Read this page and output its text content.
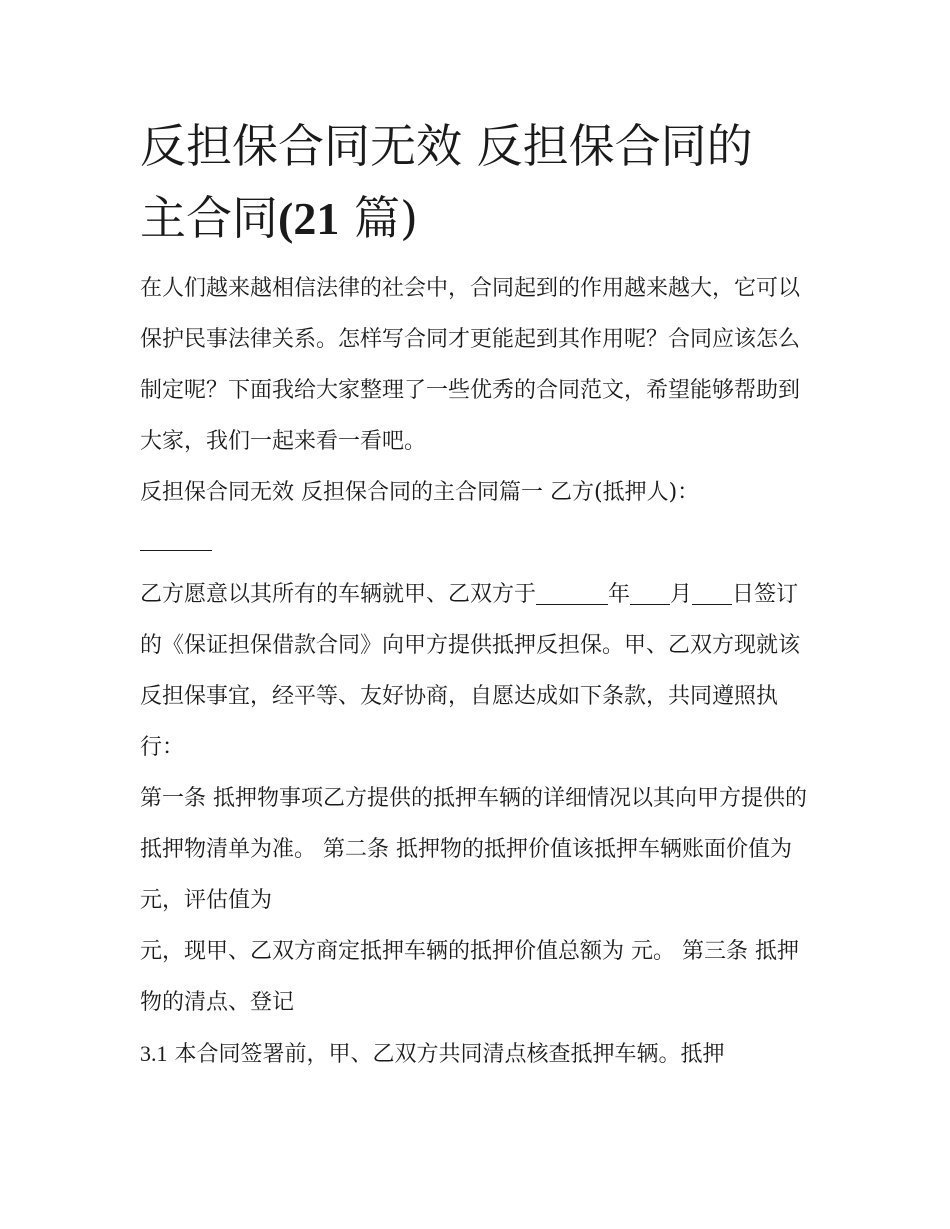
反担保合同无效 反担保合同的
主合同(21 篇)

在人们越来越相信法律的社会中，合同起到的作用越来越大，它可以保护民事法律关系。怎样写合同才更能起到其作用呢？合同应该怎么制定呢？下面我给大家整理了一些优秀的合同范文，希望能够帮助到大家，我们一起来看一看吧。

反担保合同无效 反担保合同的主合同篇一 乙方(抵押人)：

乙方愿意以其所有的车辆就甲、乙双方于	年 月 日签订的《保证担保借款合同》向甲方提供抵押反担保。甲、乙双方现就该反担保事宜，经平等、友好协商，自愿达成如下条款，共同遵照执行：

第一条 抵押物事项乙方提供的抵押车辆的详细情况以其向甲方提供的抵押物清单为准。 第二条 抵押物的抵押价值该抵押车辆账面价值为 元，评估值为

元，现甲、乙双方商定抵押车辆的抵押价值总额为 元。 第三条 抵押物的清点、登记

3.1 本合同签署前，甲、乙双方共同清点核查抵押车辆。抵押
